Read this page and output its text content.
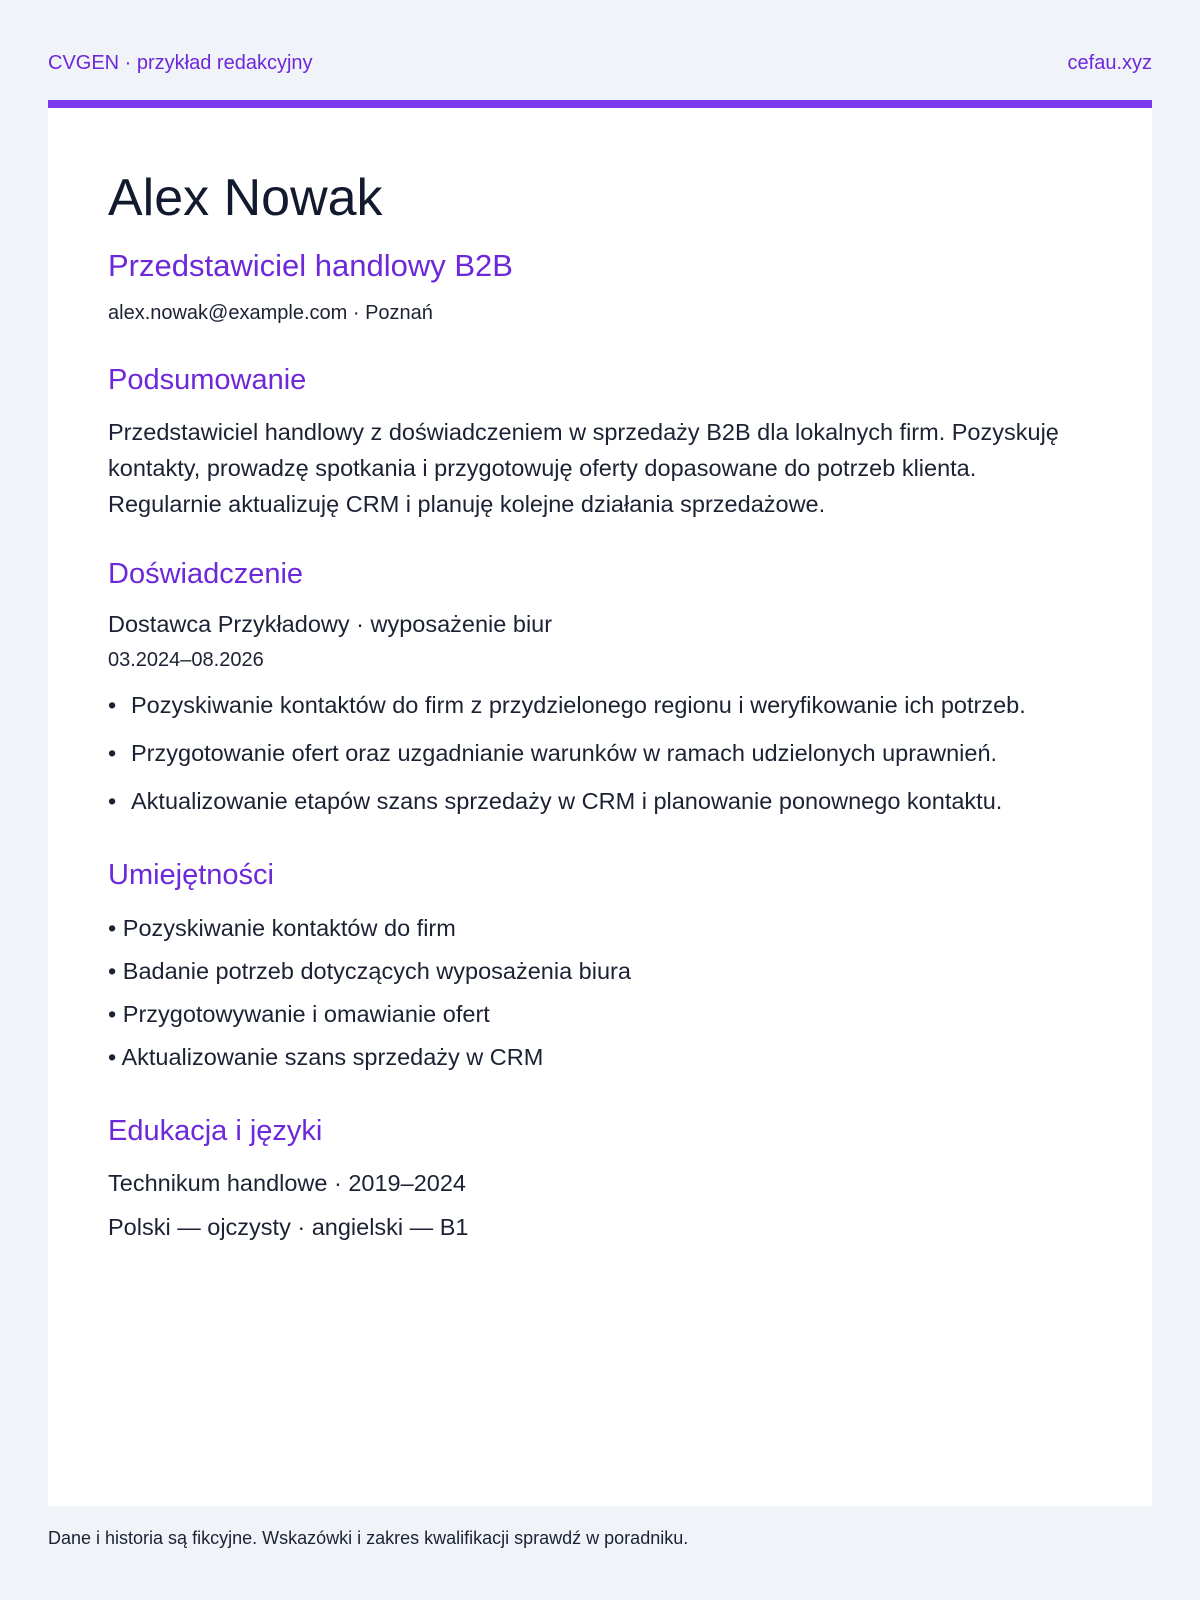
CVGEN · przykład redakcyjny	cefau.xyz
Alex Nowak
Przedstawiciel handlowy B2B
alex.nowak@example.com · Poznań
Podsumowanie
Przedstawiciel handlowy z doświadczeniem w sprzedaży B2B dla lokalnych firm. Pozyskuję kontakty, prowadzę spotkania i przygotowuję oferty dopasowane do potrzeb klienta. Regularnie aktualizuję CRM i planuję kolejne działania sprzedażowe.
Doświadczenie
Dostawca Przykładowy · wyposażenie biur
03.2024–08.2026
• Pozyskiwanie kontaktów do firm z przydzielonego regionu i weryfikowanie ich potrzeb.
• Przygotowanie ofert oraz uzgadnianie warunków w ramach udzielonych uprawnień.
• Aktualizowanie etapów szans sprzedaży w CRM i planowanie ponownego kontaktu.
Umiejętności
• Pozyskiwanie kontaktów do firm
• Badanie potrzeb dotyczących wyposażenia biura
• Przygotowywanie i omawianie ofert
• Aktualizowanie szans sprzedaży w CRM
Edukacja i języki
Technikum handlowe · 2019–2024
Polski — ojczysty · angielski — B1
Dane i historia są fikcyjne. Wskazówki i zakres kwalifikacji sprawdź w poradniku.
